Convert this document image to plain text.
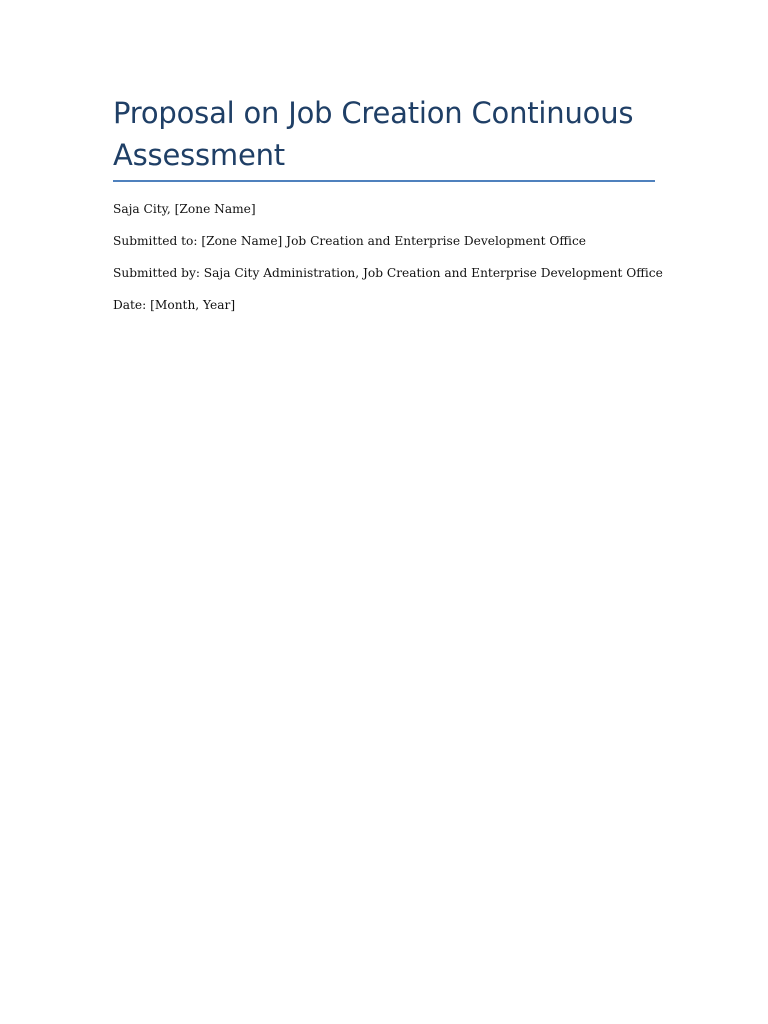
Proposal on Job Creation Continuous Assessment

Saja City, [Zone Name]

Submitted to: [Zone Name] Job Creation and Enterprise Development Office

Submitted by: Saja City Administration, Job Creation and Enterprise Development Office

Date: [Month, Year]
